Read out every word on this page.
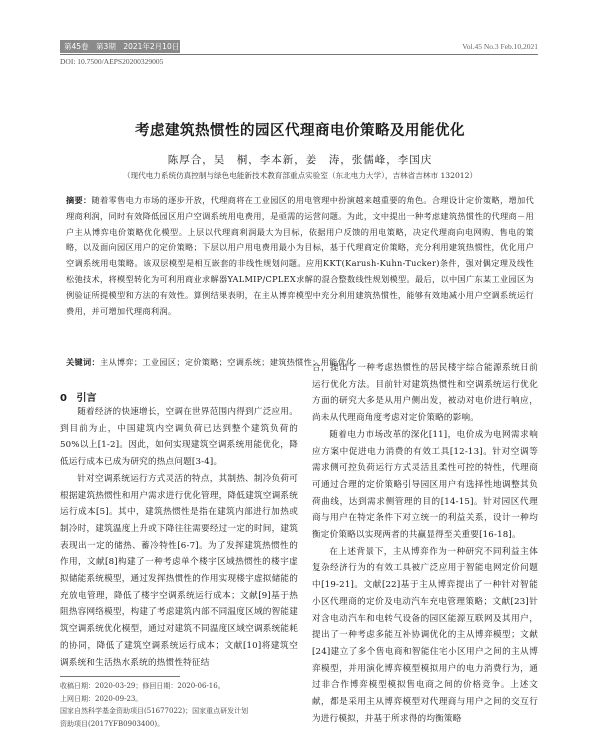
第45卷　第3期　2021年2月10日	Vol.45 No.3 Feb.10,2021
DOI: 10.7500/AEPS20200329005
考虑建筑热惯性的园区代理商电价策略及用能优化
陈厚合，吴　桐，李本新，姜　涛，张儒峰，李国庆
（现代电力系统仿真控制与绿色电能新技术教育部重点实验室（东北电力大学），吉林省吉林市 132012）
摘要：随着零售电力市场的逐步开放，代理商将在工业园区的用电管理中扮演越来越重要的角色。合理设计定价策略，增加代理商利润，同时有效降低园区用户空调系统用电费用，是亟需的运营问题。为此，文中提出一种考虑建筑热惯性的代理商－用户主从博弈电价策略优化模型。上层以代理商利润最大为目标，依据用户反馈的用电策略，决定代理商向电网购、售电的策略，以及面向园区用户的定价策略；下层以用户用电费用最小为目标，基于代理商定价策略，充分利用建筑热惯性，优化用户空调系统用电策略。该双层模型是相互嵌套的非线性规划问题。应用KKT(Karush-Kuhn-Tucker)条件，强对偶定理及线性松弛技术，将模型转化为可利用商业求解器YALMIP/CPLEX求解的混合整数线性规划模型。最后，以中国广东某工业园区为例验证所提模型和方法的有效性。算例结果表明，在主从博弈模型中充分利用建筑热惯性，能够有效地减小用户空调系统运行费用，并可增加代理商利润。
关键词：主从博弈；工业园区；定价策略；空调系统；建筑热惯性；用能优化
0 引言

随着经济的快速增长，空调在世界范围内得到广泛应用。到目前为止，中国建筑内空调负荷已达到整个建筑负荷的50%以上[1-2]。因此，如何实现建筑空调系统用能优化，降低运行成本已成为研究的热点问题[3-4]。

针对空调系统运行方式灵活的特点，其制热、制冷负荷可根据建筑热惯性和用户需求进行优化管理，降低建筑空调系统运行成本[5]。其中，建筑热惯性是指在建筑内部进行加热或制冷时，建筑温度上升或下降往往需要经过一定的时间，建筑表现出一定的储热、蓄冷特性[6-7]。为了发挥建筑热惯性的作用，文献[8]构建了一种考虑单个楼宇区域热惯性的楼宇虚拟储能系统模型，通过发挥热惯性的作用实现楼宇虚拟储能的充放电管理，降低了楼宇空调系统运行成本；文献[9]基于热阻热容网络模型，构建了考虑建筑内部不同温度区域的智能建筑空调系统优化模型，通过对建筑不同温度区域空调系统能耗的协同，降低了建筑空调系统运行成本；文献[10]将建筑空调系统和生活热水系统的热惯性特征结

合，提出了一种考虑热惯性的居民楼宇综合能源系统日前运行优化方法。目前针对建筑热惯性和空调系统运行优化方面的研究大多是从用户侧出发，被动对电价进行响应，尚未从代理商角度考虑对定价策略的影响。

随着电力市场改革的深化[11]，电价成为电网需求响应方案中促进电力消费的有效工具[12-13]。针对空调等需求侧可控负荷运行方式灵活且柔性可控的特性，代理商可通过合理的定价策略引导园区用户有选择性地调整其负荷曲线，达到需求侧管理的目的[14-15]。针对园区代理商与用户在特定条件下对立统一的利益关系，设计一种均衡定价策略以实现两者的共赢显得至关重要[16-18]。

在上述背景下，主从博弈作为一种研究不同利益主体复杂经济行为的有效工具被广泛应用于智能电网定价问题中[19-21]。文献[22]基于主从博弈提出了一种针对智能小区代理商的定价及电动汽车充电管理策略；文献[23]针对含电动汽车和电转气设备的园区能源互联网及其用户，提出了一种考虑多能互补协调优化的主从博弈模型；文献[24]建立了多个售电商和智能住宅小区用户之间的主从博弈模型，并用演化博弈模型模拟用户的电力消费行为，通过非合作博弈模型模拟售电商之间的价格竞争。上述文献，都是采用主从博弈模型对代理商与用户之间的交互行为进行模拟，并基于所求得的均衡策略

收稿日期：2020-03-29；修回日期：2020-06-16。
上网日期：2020-09-23。
国家自然科学基金资助项目(51677022)；国家重点研发计划
资助项目(2017YFB0903400)。
